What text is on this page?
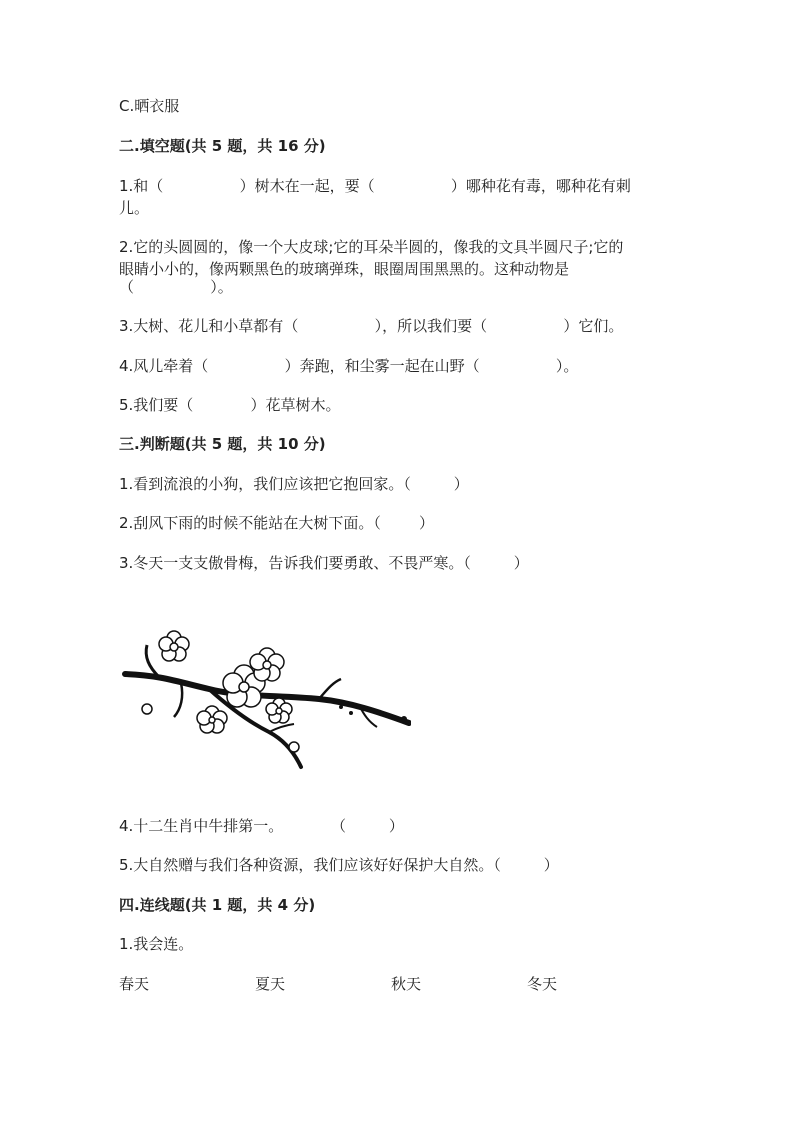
C.晒衣服
二.填空题(共 5 题，共 16 分)
1.和（                ）树木在一起，要（                ）哪种花有毒，哪种花有刺
儿。
2.它的头圆圆的，像一个大皮球;它的耳朵半圆的，像我的文具半圆尺子;它的
眼睛小小的，像两颗黑色的玻璃弹珠，眼圈周围黑黑的。这种动物是
（                ）。
3.大树、花儿和小草都有（                ），所以我们要（                ）它们。
4.风儿牵着（                ）奔跑，和尘雾一起在山野（                ）。
5.我们要（            ）花草树木。
三.判断题(共 5 题，共 10 分)
1.看到流浪的小狗，我们应该把它抱回家。（         ）
2.刮风下雨的时候不能站在大树下面。（        ）
3.冬天一支支傲骨梅，告诉我们要勇敢、不畏严寒。（         ）
4.十二生肖中牛排第一。          （         ）
5.大自然赠与我们各种资源，我们应该好好保护大自然。（         ）
四.连线题(共 1 题，共 4 分)
1.我会连。
春天	夏天	秋天	冬天
